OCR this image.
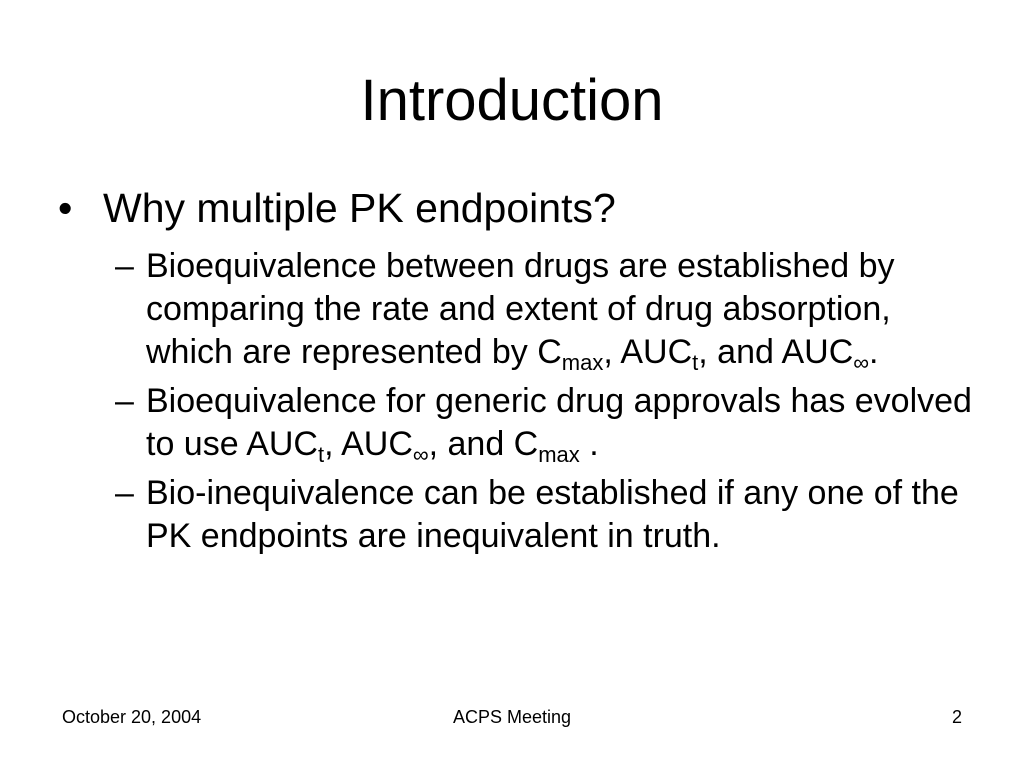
Introduction
• Why multiple PK endpoints?
– Bioequivalence between drugs are established by comparing the rate and extent of drug absorption, which are represented by $C_{max}$, $AUC_t$, and $AUC_\infty$.
– Bioequivalence for generic drug approvals has evolved to use $AUC_t$, $AUC_\infty$, and $C_{max}$ .
– Bio-inequivalence can be established if any one of the PK endpoints are inequivalent in truth.
October 20, 2004	ACPS Meeting	2
